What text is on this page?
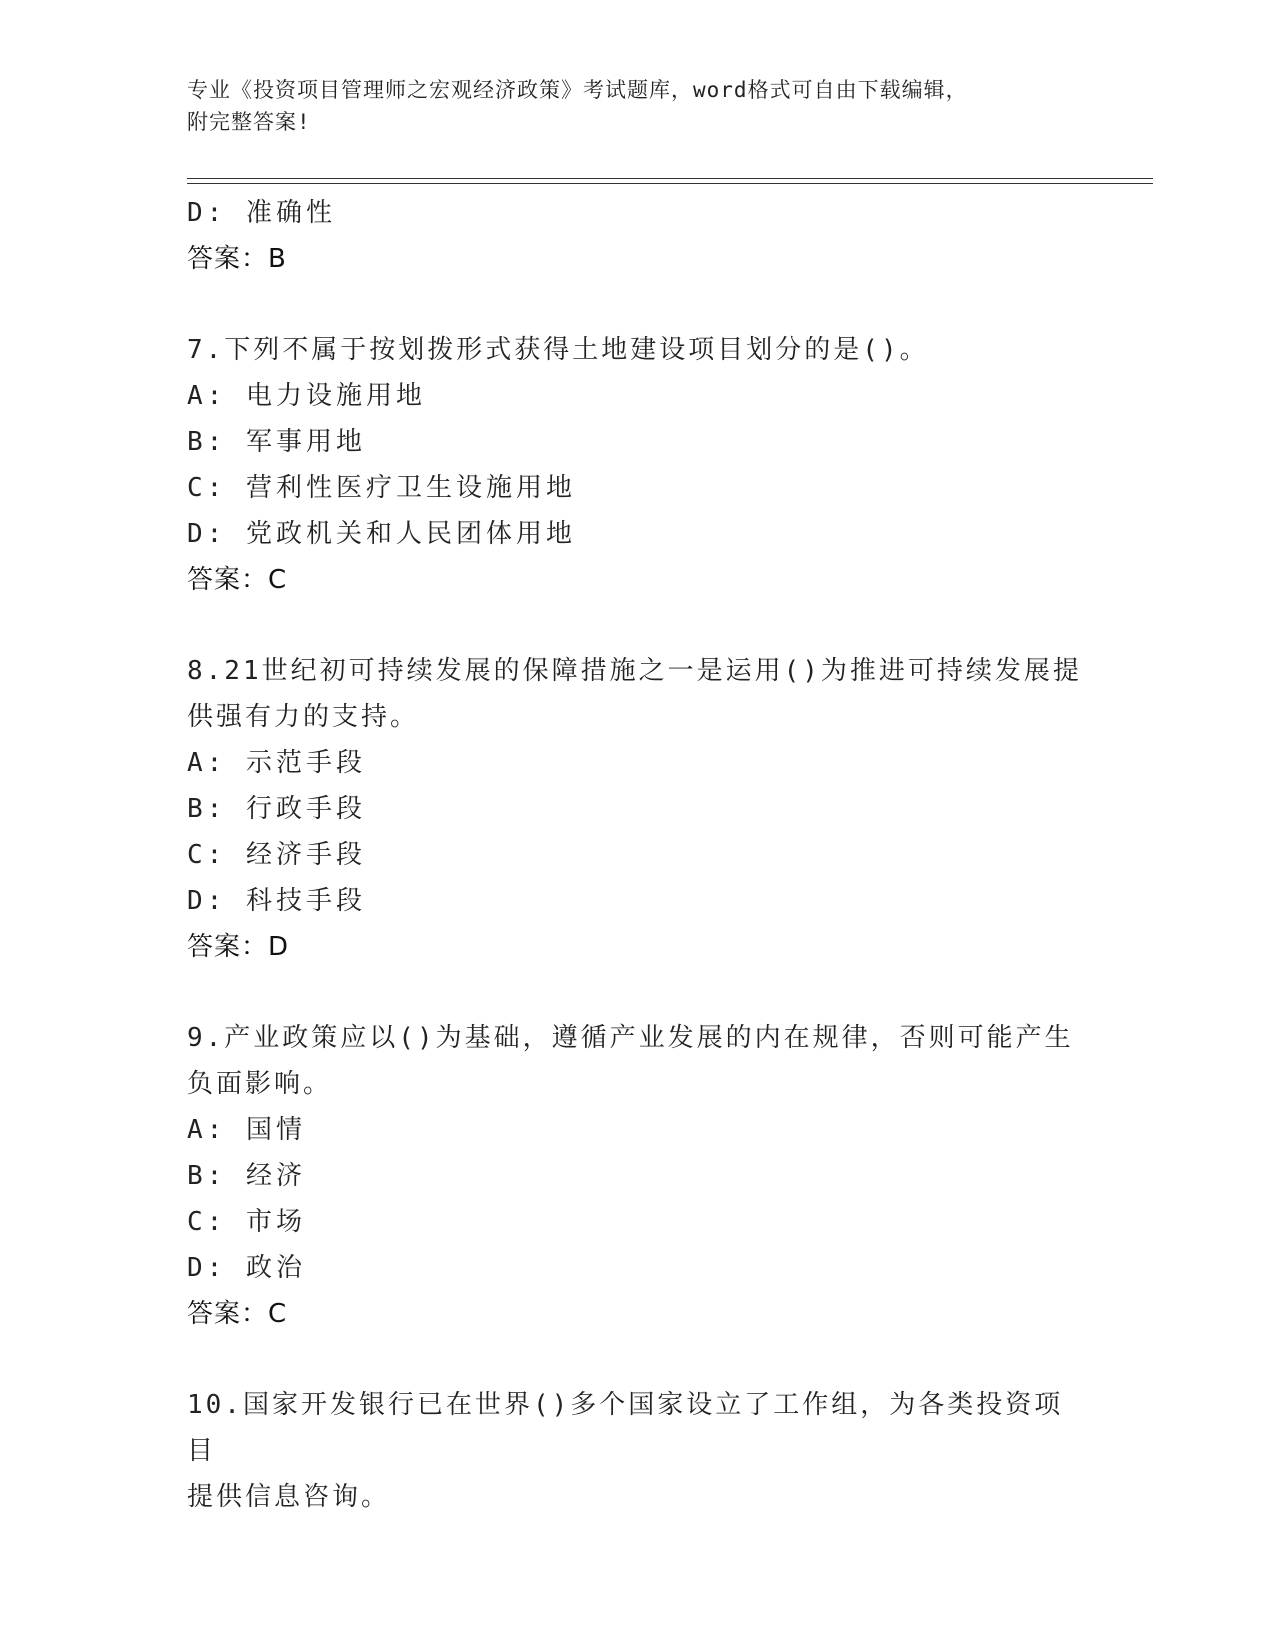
专业《投资项目管理师之宏观经济政策》考试题库，word格式可自由下载编辑，
附完整答案!
D: 准确性
答案：B
7.下列不属于按划拨形式获得土地建设项目划分的是()。
A: 电力设施用地
B: 军事用地
C: 营利性医疗卫生设施用地
D: 党政机关和人民团体用地
答案：C
8.21世纪初可持续发展的保障措施之一是运用()为推进可持续发展提
供强有力的支持。
A: 示范手段
B: 行政手段
C: 经济手段
D: 科技手段
答案：D
9.产业政策应以()为基础，遵循产业发展的内在规律，否则可能产生
负面影响。
A: 国情
B: 经济
C: 市场
D: 政治
答案：C
10.国家开发银行已在世界()多个国家设立了工作组，为各类投资项目
提供信息咨询。
